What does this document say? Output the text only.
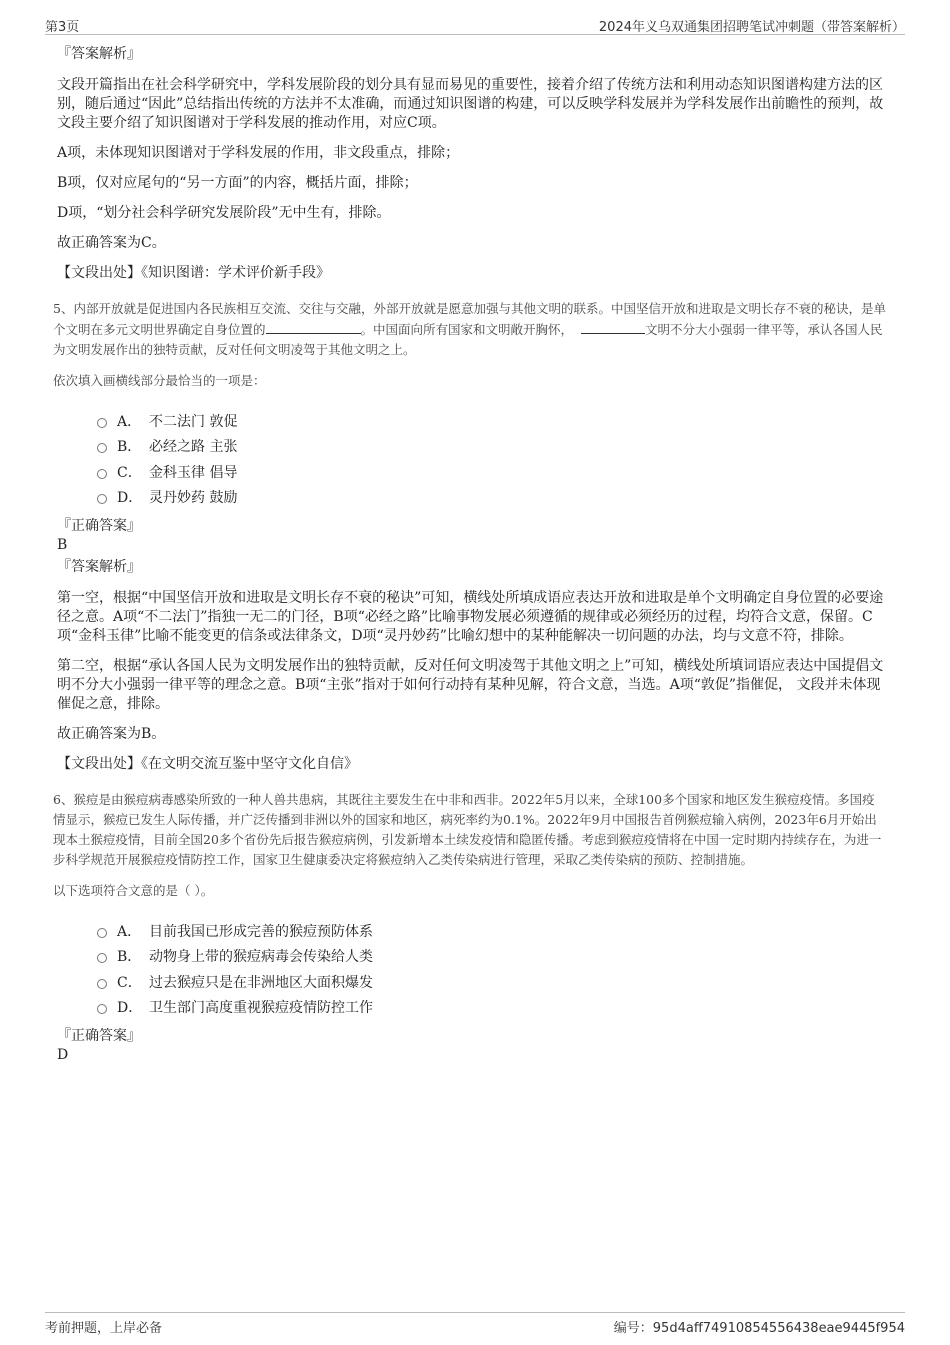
第3页	2024年义乌双通集团招聘笔试冲刺题（带答案解析）

『答案解析』

文段开篇指出在社会科学研究中，学科发展阶段的划分具有显而易见的重要性，接着介绍了传统方法和利用动态知识图谱构建方法的区别，随后通过“因此”总结指出传统的方法并不太准确，而通过知识图谱的构建，可以反映学科发展并为学科发展作出前瞻性的预判，故文段主要介绍了知识图谱对于学科发展的推动作用，对应C项。

A项，未体现知识图谱对于学科发展的作用，非文段重点，排除；

B项，仅对应尾句的“另一方面”的内容，概括片面，排除；

D项，“划分社会科学研究发展阶段”无中生有，排除。

故正确答案为C。

【文段出处】《知识图谱：学术评价新手段》

5、内部开放就是促进国内各民族相互交流、交往与交融，外部开放就是愿意加强与其他文明的联系。中国坚信开放和进取是文明长存不衰的秘诀，是单个文明在多元文明世界确定自身位置的	。中国面向所有国家和文明敞开胸怀，	文明不分大小强弱一律平等，承认各国人民为文明发展作出的独特贡献，反对任何文明凌驾于其他文明之上。

依次填入画横线部分最恰当的一项是：

A． 不二法门 敦促
B． 必经之路 主张
C． 金科玉律 倡导
D． 灵丹妙药 鼓励

『正确答案』

B

『答案解析』

第一空，根据“中国坚信开放和进取是文明长存不衰的秘诀”可知，横线处所填成语应表达开放和进取是单个文明确定自身位置的必要途径之意。A项“不二法门”指独一无二的门径，B项“必经之路”比喻事物发展必须遵循的规律或必须经历的过程，均符合文意，保留。C项“金科玉律”比喻不能变更的信条或法律条文，D项“灵丹妙药”比喻幻想中的某种能解决一切问题的办法，均与文意不符，排除。

第二空，根据“承认各国人民为文明发展作出的独特贡献，反对任何文明凌驾于其他文明之上”可知，横线处所填词语应表达中国提倡文明不分大小强弱一律平等的理念之意。B项“主张”指对于如何行动持有某种见解，符合文意，当选。A项“敦促”指催促， 文段并未体现催促之意，排除。

故正确答案为B。

【文段出处】《在文明交流互鉴中坚守文化自信》

6、猴痘是由猴痘病毒感染所致的一种人兽共患病，其既往主要发生在中非和西非。2022年5月以来，全球100多个国家和地区发生猴痘疫情。多国疫情显示，猴痘已发生人际传播，并广泛传播到非洲以外的国家和地区，病死率约为0.1%。2022年9月中国报告首例猴痘输入病例，2023年6月开始出现本土猴痘疫情，目前全国20多个省份先后报告猴痘病例，引发新增本土续发疫情和隐匿传播。考虑到猴痘疫情将在中国一定时期内持续存在，为进一步科学规范开展猴痘疫情防控工作，国家卫生健康委决定将猴痘纳入乙类传染病进行管理，采取乙类传染病的预防、控制措施。

以下选项符合文意的是（ ）。

A． 目前我国已形成完善的猴痘预防体系
B． 动物身上带的猴痘病毒会传染给人类
C． 过去猴痘只是在非洲地区大面积爆发
D． 卫生部门高度重视猴痘疫情防控工作

『正确答案』

D

考前押题，上岸必备	编号：95d4aff74910854556438eae9445f954
